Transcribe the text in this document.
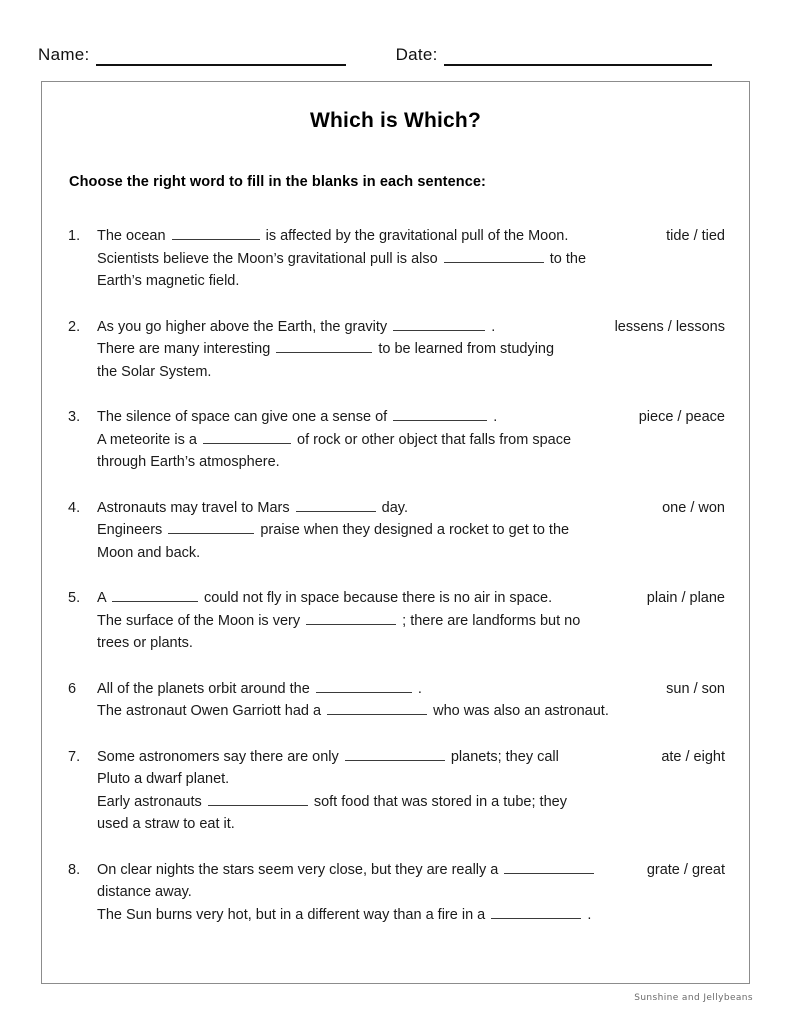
Name:	Date:
Which is Which?
Choose the right word to fill in the blanks in each sentence:
1.	The ocean	is affected by the gravitational pull of the Moon.
Scientists believe the Moon’s gravitational pull is also	to the
Earth’s magnetic field.
tide / tied
2.	As you go higher above the Earth, the gravity	.
There are many interesting	to be learned from studying
the Solar System.
lessens / lessons
3.	The silence of space can give one a sense of	.
A meteorite is a	of rock or other object that falls from space
through Earth’s atmosphere.
piece / peace
4.	Astronauts may travel to Mars	day.
Engineers	praise when they designed a rocket to get to the
Moon and back.
one / won
5.	A	could not fly in space because there is no air in space.
The surface of the Moon is very	; there are landforms but no
trees or plants.
plain / plane
6	All of the planets orbit around the	.
The astronaut Owen Garriott had a	who was also an astronaut.
sun / son
7.	Some astronomers say there are only	planets; they call
Pluto a dwarf planet.
Early astronauts	soft food that was stored in a tube; they
used a straw to eat it.
ate / eight
8.	On clear nights the stars seem very close, but they are really a
distance away.
The Sun burns very hot, but in a different way than a fire in a	.
grate / great
Sunshine and Jellybeans
